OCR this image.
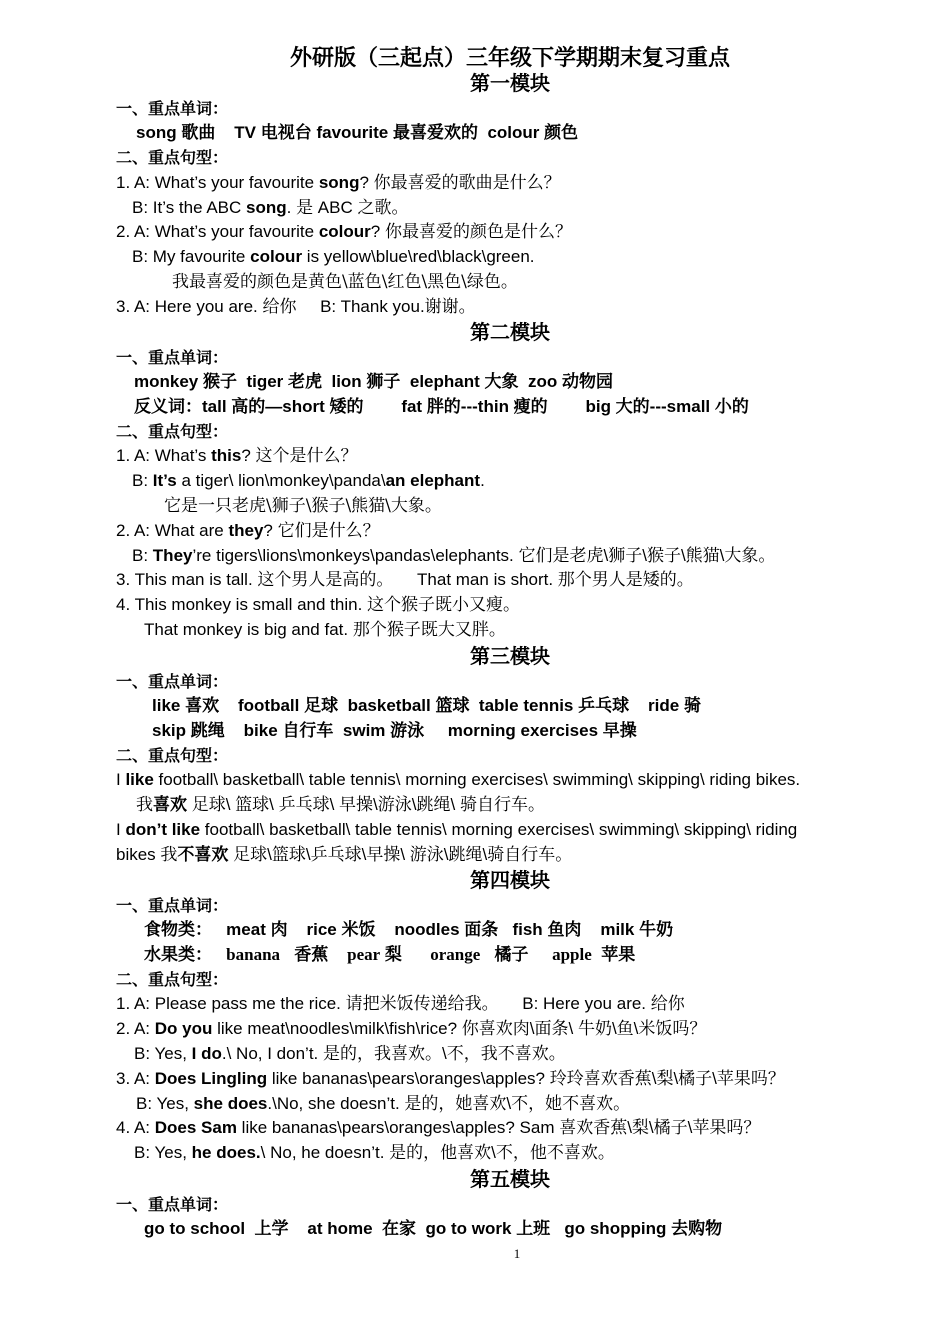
外研版（三起点）三年级下学期期末复习重点
第一模块
一、重点单词：
song 歌曲 TV 电视台 favourite 最喜爱欢的 colour 颜色
二、重点句型：
1. A: What’s your favourite song? 你最喜爱的歌曲是什么？
B: It’s the ABC song. 是 ABC 之歌。
2. A: What’s your favourite colour? 你最喜爱的颜色是什么？
B: My favourite colour is yellow\blue\red\black\green.
我最喜爱的颜色是黄色\蓝色\红色\黑色\绿色。
3. A: Here you are. 给你 B: Thank you.谢谢。
第二模块
一、重点单词：
monkey 猴子 tiger 老虎 lion 狮子 elephant 大象 zoo 动物园
反义词：tall 高的—short 矮的 fat 胖的---thin 瘦的 big 大的---small 小的
二、重点句型：
1. A: What’s this? 这个是什么？
B: It’s a tiger\ lion\monkey\panda\an elephant.
它是一只老虎\狮子\猴子\熊猫\大象。
2. A: What are they? 它们是什么？
B: They’re tigers\lions\monkeys\pandas\elephants. 它们是老虎\狮子\猴子\熊猫\大象。
3. This man is tall. 这个男人是高的。 That man is short. 那个男人是矮的。
4. This monkey is small and thin. 这个猴子既小又瘦。
That monkey is big and fat. 那个猴子既大又胖。
第三模块
一、重点单词：
like 喜欢 football 足球 basketball 篮球 table tennis 乒乓球 ride 骑
skip 跳绳 bike 自行车 swim 游泳 morning exercises 早操
二、重点句型：
I like football\ basketball\ table tennis\ morning exercises\ swimming\ skipping\ riding bikes.
我喜欢 足球\ 篮球\ 乒乓球\ 早操\游泳\跳绳\ 骑自行车。
I don’t like football\ basketball\ table tennis\ morning exercises\ swimming\ skipping\ riding
bikes 我不喜欢 足球\篮球\乒乓球\早操\ 游泳\跳绳\骑自行车。
第四模块
一、重点单词：
食物类： meat 肉 rice 米饭 noodles 面条 fish 鱼肉 milk 牛奶
水果类： banana 香蕉 pear 梨 orange 橘子 apple 苹果
二、重点句型：
1. A: Please pass me the rice. 请把米饭传递给我。 B: Here you are. 给你
2. A: Do you like meat\noodles\milk\fish\rice? 你喜欢肉\面条\ 牛奶\鱼\米饭吗？
B: Yes, I do.\ No, I don’t. 是的，我喜欢。\不，我不喜欢。
3. A: Does Lingling like bananas\pears\oranges\apples? 玲玲喜欢香蕉\梨\橘子\苹果吗？
B: Yes, she does.\No, she doesn’t. 是的，她喜欢\不，她不喜欢。
4. A: Does Sam like bananas\pears\oranges\apples? Sam 喜欢香蕉\梨\橘子\苹果吗？
B: Yes, he does.\ No, he doesn’t. 是的，他喜欢\不，他不喜欢。
第五模块
一、重点单词：
go to school 上学 at home 在家 go to work 上班 go shopping 去购物
1
